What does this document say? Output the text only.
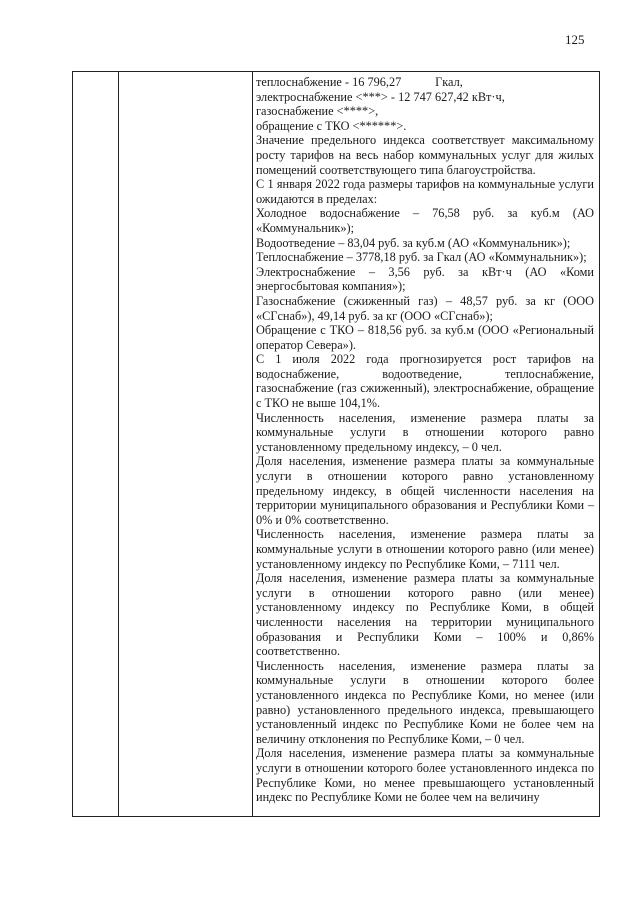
125

теплоснабжение - 16 796,27           Гкал,

электроснабжение <***> - 12 747 627,42 кВт·ч,

газоснабжение <****>,

обращение с ТКО <******>.

Значение предельного индекса соответствует максимальному росту тарифов на весь набор коммунальных услуг для жилых помещений соответствующего типа благоустройства.

С 1 января 2022 года размеры тарифов на коммунальные услуги ожидаются в пределах:

Холодное водоснабжение – 76,58 руб. за куб.м (АО «Коммунальник»);

Водоотведение – 83,04 руб. за куб.м (АО «Коммунальник»);

Теплоснабжение – 3778,18 руб. за Гкал (АО «Коммунальник»);

Электроснабжение – 3,56 руб. за кВт·ч (АО «Коми энергосбытовая компания»);

Газоснабжение (сжиженный газ) – 48,57 руб. за кг (ООО «СГснаб»), 49,14 руб. за кг (ООО «СГснаб»);

Обращение с ТКО – 818,56 руб. за куб.м (ООО «Региональный оператор Севера»).

С 1 июля 2022 года прогнозируется рост тарифов на водоснабжение, водоотведение, теплоснабжение, газоснабжение (газ сжиженный), электроснабжение, обращение с ТКО не выше 104,1%.

Численность населения, изменение размера платы за коммунальные услуги в отношении которого равно установленному предельному индексу, – 0 чел.

Доля населения, изменение размера платы за коммунальные услуги в отношении которого равно установленному предельному индексу, в общей численности населения на территории муниципального образования и Республики Коми – 0% и 0% соответственно.

Численность населения, изменение размера платы за коммунальные услуги в отношении которого равно (или менее) установленному индексу по Республике Коми, – 7111 чел.

Доля населения, изменение размера платы за коммунальные услуги в отношении которого равно (или менее) установленному индексу по Республике Коми, в общей численности населения на территории муниципального образования и Республики Коми – 100% и 0,86% соответственно.

Численность населения, изменение размера платы за коммунальные услуги в отношении которого более установленного индекса по Республике Коми, но менее (или равно) установленного предельного индекса, превышающего установленный индекс по Республике Коми не более чем на величину отклонения по Республике Коми, – 0 чел.

Доля населения, изменение размера платы за коммунальные услуги в отношении которого более установленного индекса по Республике Коми, но менее превышающего установленный индекс по Республике Коми не более чем на величину
